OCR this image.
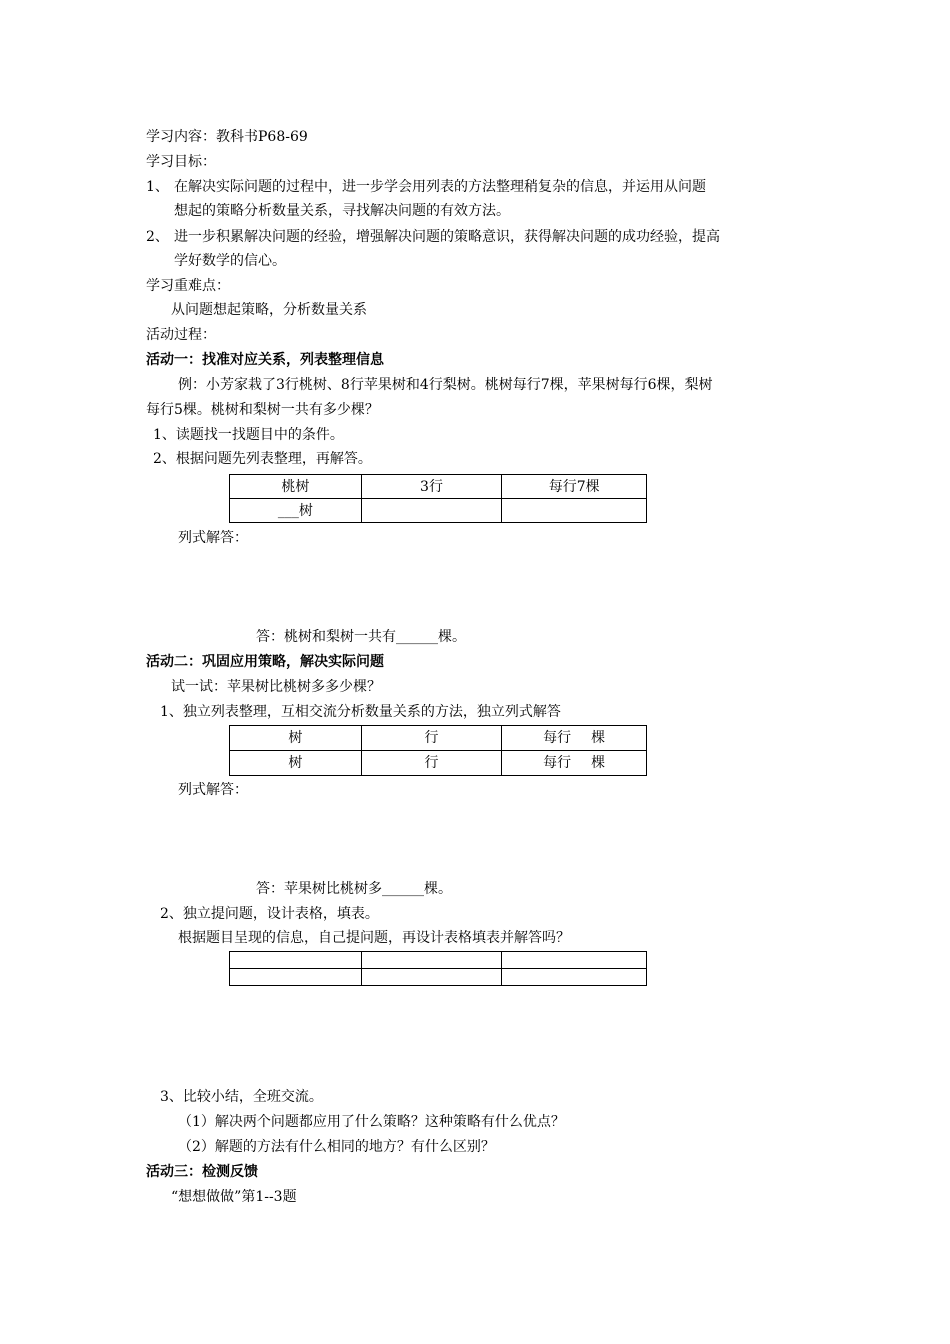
学习内容：教科书P68-69
学习目标：
1、 在解决实际问题的过程中，进一步学会用列表的方法整理稍复杂的信息，并运用从问题
想起的策略分析数量关系，寻找解决问题的有效方法。
2、 进一步积累解决问题的经验，增强解决问题的策略意识，获得解决问题的成功经验，提高
学好数学的信心。
学习重难点：
从问题想起策略，分析数量关系
活动过程：
活动一：找准对应关系，列表整理信息
例：小芳家栽了3行桃树、8行苹果树和4行梨树。桃树每行7棵，苹果树每行6棵，梨树
每行5棵。桃树和梨树一共有多少棵？
1、读题找一找题目中的条件。
2、根据问题先列表整理，再解答。
桃树	3行	每行7棵
___树		
列式解答：
答：桃树和梨树一共有______棵。
活动二：巩固应用策略，解决实际问题
试一试：苹果树比桃树多多少棵？
1、独立列表整理，互相交流分析数量关系的方法，独立列式解答
树	行	每行 棵
树	行	每行 棵
列式解答：
答：苹果树比桃树多______棵。
2、独立提问题，设计表格，填表。
根据题目呈现的信息，自己提问题，再设计表格填表并解答吗？

3、比较小结，全班交流。
（1）解决两个问题都应用了什么策略？这种策略有什么优点？
（2）解题的方法有什么相同的地方？有什么区别？
活动三：检测反馈
“想想做做”第1--3题
